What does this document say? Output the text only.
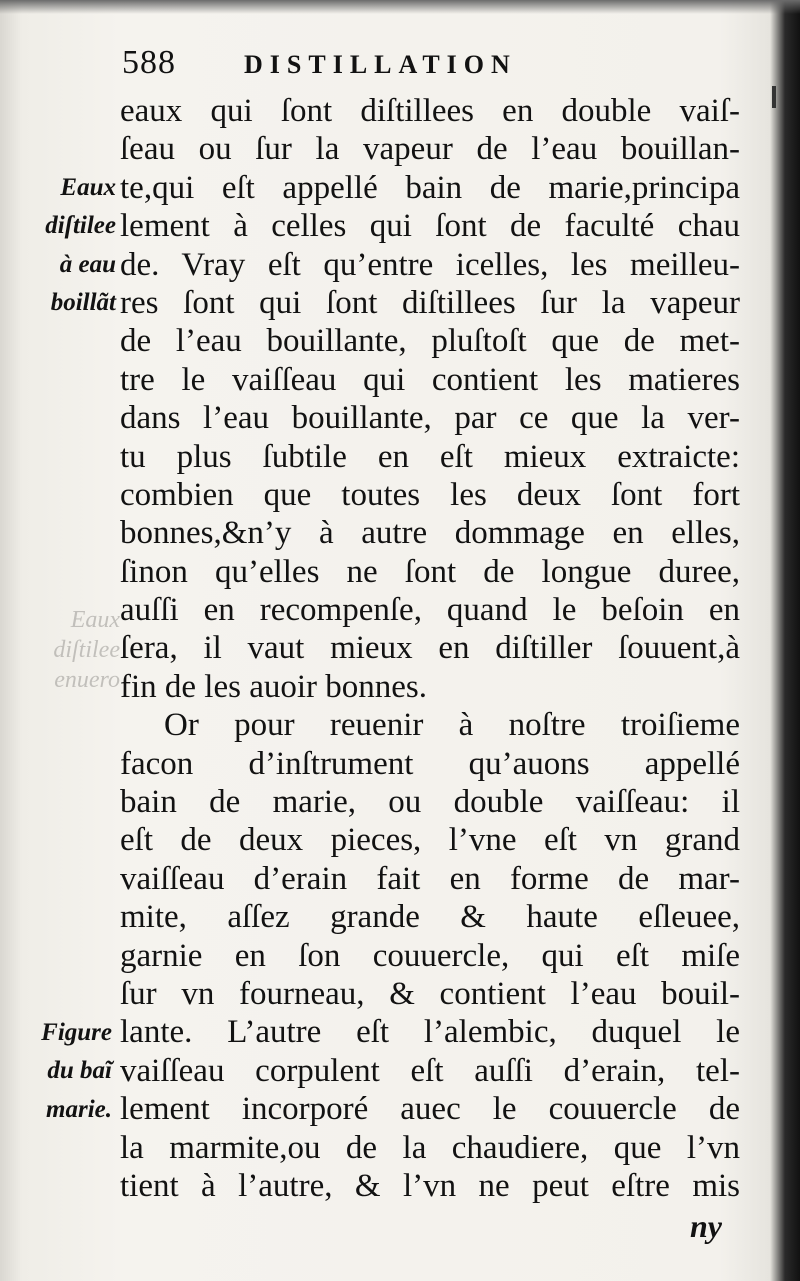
588	DISTILLATION
Eaux
diſtilee
enuero
Eaux
diſtilee
à eau
boillãt
Figure
du baĩ
marie.
eaux qui ſont diſtillees en double vaiſ-
ſeau ou ſur la vapeur de l’eau bouillan-
te,qui eſt appellé bain de marie,principa
lement à celles qui ſont de faculté chau
de. Vray eſt qu’entre icelles, les meilleu-
res ſont qui ſont diſtillees ſur la vapeur
de l’eau bouillante, pluſtoſt que de met-
tre le vaiſſeau qui contient les matieres
dans l’eau bouillante, par ce que la ver-
tu plus ſubtile en eſt mieux extraicte:
combien que toutes les deux ſont fort
bonnes,&n’y à autre dommage en elles,
ſinon qu’elles ne ſont de longue duree,
auſſi en recompenſe, quand le beſoin en
ſera, il vaut mieux en diſtiller ſouuent,à
fin de les auoir bonnes.
Or pour reuenir à noſtre troiſieme
facon d’inſtrument qu’auons appellé
bain de marie, ou double vaiſſeau: il
eſt de deux pieces, l’vne eſt vn grand
vaiſſeau d’erain fait en forme de mar-
mite, aſſez grande & haute eſleuee,
garnie en ſon couuercle, qui eſt miſe
ſur vn fourneau, & contient l’eau bouil-
lante. L’autre eſt l’alembic, duquel le
vaiſſeau corpulent eſt auſſi d’erain, tel-
lement incorporé auec le couuercle de
la marmite,ou de la chaudiere, que l’vn
tient à l’autre, & l’vn ne peut eſtre mis
ny
